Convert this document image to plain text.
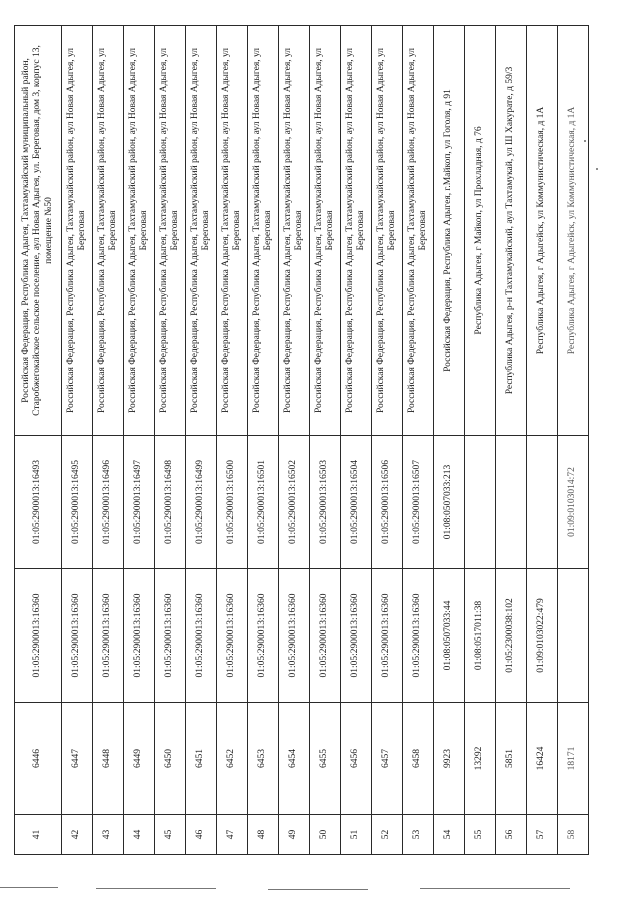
41	6446	01:05:2900013:16360	01:05:2900013:16493	Российская Федерация, Республика Адыгея, Тахтамукайский муниципальный район, Старобжегокайское сельское поселение, аул Новая Адыгея, ул. Береговая, дом 3, корпус 13, помещение №50
42	6447	01:05:2900013:16360	01:05:2900013:16495	Российская Федерация, Республика Адыгея, Тахтамукайский район, аул Новая Адыгея, ул Береговая
43	6448	01:05:2900013:16360	01:05:2900013:16496	Российская Федерация, Республика Адыгея, Тахтамукайский район, аул Новая Адыгея, ул Береговая
44	6449	01:05:2900013:16360	01:05:2900013:16497	Российская Федерация, Республика Адыгея, Тахтамукайский район, аул Новая Адыгея, ул Береговая
45	6450	01:05:2900013:16360	01:05:2900013:16498	Российская Федерация, Республика Адыгея, Тахтамукайский район, аул Новая Адыгея, ул Береговая
46	6451	01:05:2900013:16360	01:05:2900013:16499	Российская Федерация, Республика Адыгея, Тахтамукайский район, аул Новая Адыгея, ул Береговая
47	6452	01:05:2900013:16360	01:05:2900013:16500	Российская Федерация, Республика Адыгея, Тахтамукайский район, аул Новая Адыгея, ул Береговая
48	6453	01:05:2900013:16360	01:05:2900013:16501	Российская Федерация, Республика Адыгея, Тахтамукайский район, аул Новая Адыгея, ул Береговая
49	6454	01:05:2900013:16360	01:05:2900013:16502	Российская Федерация, Республика Адыгея, Тахтамукайский район, аул Новая Адыгея, ул Береговая
50	6455	01:05:2900013:16360	01:05:2900013:16503	Российская Федерация, Республика Адыгея, Тахтамукайский район, аул Новая Адыгея, ул Береговая
51	6456	01:05:2900013:16360	01:05:2900013:16504	Российская Федерация, Республика Адыгея, Тахтамукайский район, аул Новая Адыгея, ул Береговая
52	6457	01:05:2900013:16360	01:05:2900013:16506	Российская Федерация, Республика Адыгея, Тахтамукайский район, аул Новая Адыгея, ул Береговая
53	6458	01:05:2900013:16360	01:05:2900013:16507	Российская Федерация, Республика Адыгея, Тахтамукайский район, аул Новая Адыгея, ул Береговая
54	9923	01:08:0507033:44	01:08:0507033:213	Российская Федерация, Республика Адыгея, г.Майкоп, ул Гоголя, д 91
55	13292	01:08:0517011:38		Республика Адыгея, г Майкоп, ул Прохладная, д 76
56	5851	01:05:2300038:102		Республика Адыгея, р-н Тахтамукайский, аул Тахтамукай, ул Ш Хакурате, д 59/3
57	16424	01:09:0103022:479		Республика Адыгея, г Адыгейск, ул Коммунистическая, д 1А
58	18171		01:09:0103014:72	Республика Адыгея, г Адыгейск, ул Коммунистическая, д 1А
